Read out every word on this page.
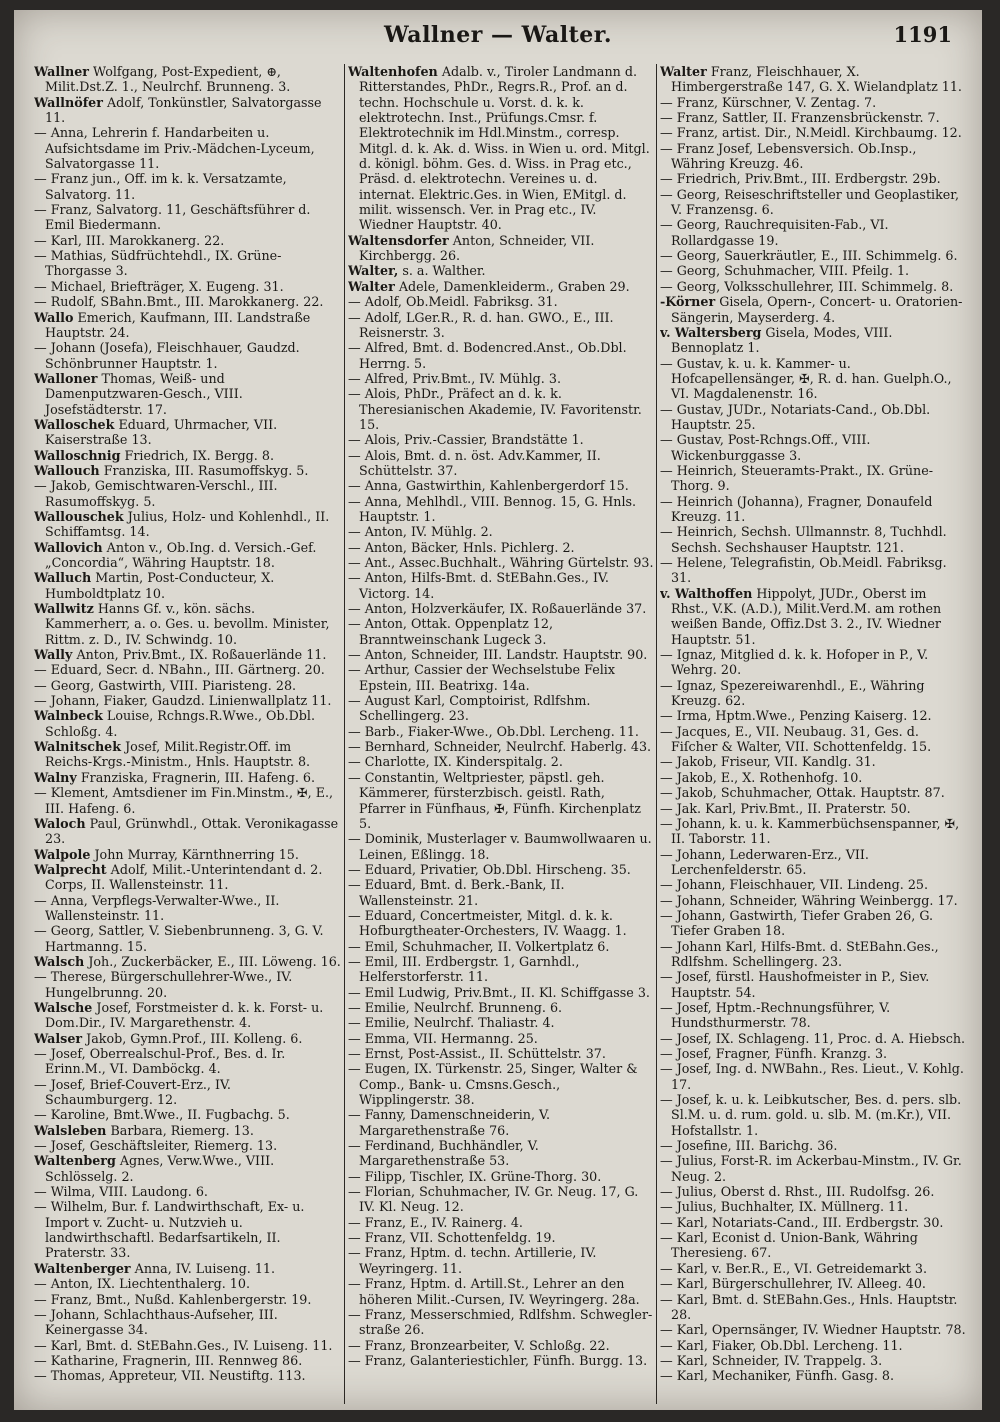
Wallner — Walter.	1191

Wallner Wolfgang, Post-Expedient, ⊕, Milit.Dst.Z. 1., Neulrchf. Brunneng. 3.

Wallnöfer Adolf, Tonkünstler, Salvatorgasse 11.

— Anna, Lehrerin f. Handarbeiten u. Aufsichtsdame im Priv.-Mädchen-Lyceum, Salvatorgasse 11.

— Franz jun., Off. im k. k. Versatzamte, Salvatorg. 11.

— Franz, Salvatorg. 11, Geschäftsführer d. Emil Biedermann.

— Karl, III. Marokkanerg. 22.

— Mathias, Südfrüchtehdl., IX. Grüne-Thorgasse 3.

— Michael, Briefträger, X. Eugeng. 31.

— Rudolf, SBahn.Bmt., III. Marokkanerg. 22.

Wallo Emerich, Kaufmann, III. Landstraße Hauptstr. 24.

— Johann (Josefa), Fleischhauer, Gaudzd. Schönbrunner Hauptstr. 1.

Walloner Thomas, Weiß- und Damenputzwaren-Gesch., VIII. Josefstädterstr. 17.

Walloschek Eduard, Uhrmacher, VII. Kaiserstraße 13.

Walloschnig Friedrich, IX. Bergg. 8.

Wallouch Franziska, III. Rasumoffskyg. 5.

— Jakob, Gemischtwaren-Verschl., III. Rasumoffskyg. 5.

Wallouschek Julius, Holz- und Kohlenhdl., II. Schiffamtsg. 14.

Wallovich Anton v., Ob.Ing. d. Versich.-Gef. „Concordia“, Währing Hauptstr. 18.

Walluch Martin, Post-Conducteur, X. Humboldtplatz 10.

Wallwitz Hanns Gf. v., kön. sächs. Kammerherr, a. o. Ges. u. bevollm. Minister, Rittm. z. D., IV. Schwindg. 10.

Wally Anton, Priv.Bmt., IX. Roßauerlände 11.

— Eduard, Secr. d. NBahn., III. Gärtnerg. 20.

— Georg, Gastwirth, VIII. Piaristeng. 28.

— Johann, Fiaker, Gaudzd. Linienwallplatz 11.

Walnbeck Louise, Rchngs.R.Wwe., Ob.Dbl. Schloßg. 4.

Walnitschek Josef, Milit.Registr.Off. im Reichs-Krgs.-Ministm., Hnls. Hauptstr. 8.

Walny Franziska, Fragnerin, III. Hafeng. 6.

— Klement, Amtsdiener im Fin.Minstm., ✠, E., III. Hafeng. 6.

Waloch Paul, Grünwhdl., Ottak. Veronikagasse 23.

Walpole John Murray, Kärnthnerring 15.

Walprecht Adolf, Milit.-Unterintendant d. 2. Corps, II. Wallensteinstr. 11.

— Anna, Verpflegs-Verwalter-Wwe., II. Wallensteinstr. 11.

— Georg, Sattler, V. Siebenbrunneng. 3, G. V. Hartmanng. 15.

Walsch Joh., Zuckerbäcker, E., III. Löweng. 16.

— Therese, Bürgerschullehrer-Wwe., IV. Hungelbrunng. 20.

Walsche Josef, Forstmeister d. k. k. Forst- u. Dom.Dir., IV. Margarethenstr. 4.

Walser Jakob, Gymn.Prof., III. Kolleng. 6.

— Josef, Oberrealschul-Prof., Bes. d. Ir. Erinn.M., VI. Damböckg. 4.

— Josef, Brief-Couvert-Erz., IV. Schaumburgerg. 12.

— Karoline, Bmt.Wwe., II. Fugbachg. 5.

Walsleben Barbara, Riemerg. 13.

— Josef, Geschäftsleiter, Riemerg. 13.

Waltenberg Agnes, Verw.Wwe., VIII. Schlösselg. 2.

— Wilma, VIII. Laudong. 6.

— Wilhelm, Bur. f. Landwirthschaft, Ex- u. Import v. Zucht- u. Nutzvieh u. landwirthschaftl. Bedarfsartikeln, II. Praterstr. 33.

Waltenberger Anna, IV. Luiseng. 11.

— Anton, IX. Liechtenthalerg. 10.

— Franz, Bmt., Nußd. Kahlenbergerstr. 19.

— Johann, Schlachthaus-Aufseher, III. Keinergasse 34.

— Karl, Bmt. d. StEBahn.Ges., IV. Luiseng. 11.

— Katharine, Fragnerin, III. Rennweg 86.

— Thomas, Appreteur, VII. Neustiftg. 113.

Waltenhofen Adalb. v., Tiroler Landmann d. Ritterstandes, PhDr., Regrs.R., Prof. an d. techn. Hochschule u. Vorst. d. k. k. elektrotechn. Inst., Prüfungs.Cmsr. f. Elektrotechnik im Hdl.Minstm., corresp. Mitgl. d. k. Ak. d. Wiss. in Wien u. ord. Mitgl. d. königl. böhm. Ges. d. Wiss. in Prag etc., Präsd. d. elektrotechn. Vereines u. d. internat. Elektric.Ges. in Wien, EMitgl. d. milit. wissensch. Ver. in Prag etc., IV. Wiedner Hauptstr. 40.

Waltensdorfer Anton, Schneider, VII. Kirchbergg. 26.

Walter, s. a. Walther.

Walter Adele, Damenkleiderm., Graben 29.

— Adolf, Ob.Meidl. Fabriksg. 31.

— Adolf, LGer.R., R. d. han. GWO., E., III. Reisnerstr. 3.

— Alfred, Bmt. d. Bodencred.Anst., Ob.Dbl. Herrng. 5.

— Alfred, Priv.Bmt., IV. Mühlg. 3.

— Alois, PhDr., Präfect an d. k. k. Theresianischen Akademie, IV. Favoritenstr. 15.

— Alois, Priv.-Cassier, Brandstätte 1.

— Alois, Bmt. d. n. öst. Adv.Kammer, II. Schüttelstr. 37.

— Anna, Gastwirthin, Kahlenbergerdorf 15.

— Anna, Mehlhdl., VIII. Bennog. 15, G. Hnls. Hauptstr. 1.

— Anton, IV. Mühlg. 2.

— Anton, Bäcker, Hnls. Pichlerg. 2.

— Ant., Assec.Buchhalt., Währing Gürtelstr. 93.

— Anton, Hilfs-Bmt. d. StEBahn.Ges., IV. Victorg. 14.

— Anton, Holzverkäufer, IX. Roßauerlände 37.

— Anton, Ottak. Oppenplatz 12, Branntweinschank Lugeck 3.

— Anton, Schneider, III. Landstr. Hauptstr. 90.

— Arthur, Cassier der Wechselstube Felix Epstein, III. Beatrixg. 14a.

— August Karl, Comptoirist, Rdlfshm. Schellingerg. 23.

— Barb., Fiaker-Wwe., Ob.Dbl. Lercheng. 11.

— Bernhard, Schneider, Neulrchf. Haberlg. 43.

— Charlotte, IX. Kinderspitalg. 2.

— Constantin, Weltpriester, päpstl. geh. Kämmerer, fürsterzbisch. geistl. Rath, Pfarrer in Fünfhaus, ✠, Fünfh. Kirchenplatz 5.

— Dominik, Musterlager v. Baumwollwaaren u. Leinen, Eßlingg. 18.

— Eduard, Privatier, Ob.Dbl. Hirscheng. 35.

— Eduard, Bmt. d. Berk.-Bank, II. Wallensteinstr. 21.

— Eduard, Concertmeister, Mitgl. d. k. k. Hofburgtheater-Orchesters, IV. Waagg. 1.

— Emil, Schuhmacher, II. Volkertplatz 6.

— Emil, III. Erdbergstr. 1, Garnhdl., Helferstorferstr. 11.

— Emil Ludwig, Priv.Bmt., II. Kl. Schiffgasse 3.

— Emilie, Neulrchf. Brunneng. 6.

— Emilie, Neulrchf. Thaliastr. 4.

— Emma, VII. Hermanng. 25.

— Ernst, Post-Assist., II. Schüttelstr. 37.

— Eugen, IX. Türkenstr. 25, Singer, Walter & Comp., Bank- u. Cmsns.Gesch., Wipplingerstr. 38.

— Fanny, Damenschneiderin, V. Margarethenstraße 76.

— Ferdinand, Buchhändler, V. Margarethenstraße 53.

— Filipp, Tischler, IX. Grüne-Thorg. 30.

— Florian, Schuhmacher, IV. Gr. Neug. 17, G. IV. Kl. Neug. 12.

— Franz, E., IV. Rainerg. 4.

— Franz, VII. Schottenfeldg. 19.

— Franz, Hptm. d. techn. Artillerie, IV. Weyringerg. 11.

— Franz, Hptm. d. Artill.St., Lehrer an den höheren Milit.-Cursen, IV. Weyringerg. 28a.

— Franz, Messerschmied, Rdlfshm. Schwegler-straße 26.

— Franz, Bronzearbeiter, V. Schloßg. 22.

— Franz, Galanteriestichler, Fünfh. Burgg. 13.

Walter Franz, Fleischhauer, X. Himbergerstraße 147, G. X. Wielandplatz 11.

— Franz, Kürschner, V. Zentag. 7.

— Franz, Sattler, II. Franzensbrückenstr. 7.

— Franz, artist. Dir., N.Meidl. Kirchbaumg. 12.

— Franz Josef, Lebensversich. Ob.Insp., Währing Kreuzg. 46.

— Friedrich, Priv.Bmt., III. Erdbergstr. 29b.

— Georg, Reiseschriftsteller und Geoplastiker, V. Franzensg. 6.

— Georg, Rauchrequisiten-Fab., VI. Rollardgasse 19.

— Georg, Sauerkräutler, E., III. Schimmelg. 6.

— Georg, Schuhmacher, VIII. Pfeilg. 1.

— Georg, Volksschullehrer, III. Schimmelg. 8.

-Körner Gisela, Opern-, Concert- u. Oratorien-Sängerin, Mayserderg. 4.

v. Waltersberg Gisela, Modes, VIII. Bennoplatz 1.

— Gustav, k. u. k. Kammer- u. Hofcapellensänger, ✠, R. d. han. Guelph.O., VI. Magdalenenstr. 16.

— Gustav, JUDr., Notariats-Cand., Ob.Dbl. Hauptstr. 25.

— Gustav, Post-Rchngs.Off., VIII. Wickenburggasse 3.

— Heinrich, Steueramts-Prakt., IX. Grüne-Thorg. 9.

— Heinrich (Johanna), Fragner, Donaufeld Kreuzg. 11.

— Heinrich, Sechsh. Ullmannstr. 8, Tuchhdl. Sechsh. Sechshauser Hauptstr. 121.

— Helene, Telegrafistin, Ob.Meidl. Fabriksg. 31.

v. Walthoffen Hippolyt, JUDr., Oberst im Rhst., V.K. (A.D.), Milit.Verd.M. am rothen weißen Bande, Offiz.Dst 3. 2., IV. Wiedner Hauptstr. 51.

— Ignaz, Mitglied d. k. k. Hofoper in P., V. Wehrg. 20.

— Ignaz, Spezereiwarenhdl., E., Währing Kreuzg. 62.

— Irma, Hptm.Wwe., Penzing Kaiserg. 12.

— Jacques, E., VII. Neubaug. 31, Ges. d. Fiſcher & Walter, VII. Schottenfeldg. 15.

— Jakob, Friseur, VII. Kandlg. 31.

— Jakob, E., X. Rothenhofg. 10.

— Jakob, Schuhmacher, Ottak. Hauptstr. 87.

— Jak. Karl, Priv.Bmt., II. Praterstr. 50.

— Johann, k. u. k. Kammerbüchsenspanner, ✠, II. Taborstr. 11.

— Johann, Lederwaren-Erz., VII. Lerchenfelderstr. 65.

— Johann, Fleischhauer, VII. Lindeng. 25.

— Johann, Schneider, Währing Weinbergg. 17.

— Johann, Gastwirth, Tiefer Graben 26, G. Tiefer Graben 18.

— Johann Karl, Hilfs-Bmt. d. StEBahn.Ges., Rdlfshm. Schellingerg. 23.

— Josef, fürstl. Haushofmeister in P., Siev. Hauptstr. 54.

— Josef, Hptm.-Rechnungsführer, V. Hundsthurmerstr. 78.

— Josef, IX. Schlageng. 11, Proc. d. A. Hiebsch.

— Josef, Fragner, Fünfh. Kranzg. 3.

— Josef, Ing. d. NWBahn., Res. Lieut., V. Kohlg. 17.

— Josef, k. u. k. Leibkutscher, Bes. d. pers. slb. Sl.M. u. d. rum. gold. u. slb. M. (m.Kr.), VII. Hofstallstr. 1.

— Josefine, III. Barichg. 36.

— Julius, Forst-R. im Ackerbau-Minstm., IV. Gr. Neug. 2.

— Julius, Oberst d. Rhst., III. Rudolfsg. 26.

— Julius, Buchhalter, IX. Müllnerg. 11.

— Karl, Notariats-Cand., III. Erdbergstr. 30.

— Karl, Econist d. Union-Bank, Währing Theresieng. 67.

— Karl, v. Ber.R., E., VI. Getreidemarkt 3.

— Karl, Bürgerschullehrer, IV. Alleeg. 40.

— Karl, Bmt. d. StEBahn.Ges., Hnls. Hauptstr. 28.

— Karl, Opernsänger, IV. Wiedner Hauptstr. 78.

— Karl, Fiaker, Ob.Dbl. Lercheng. 11.

— Karl, Schneider, IV. Trappelg. 3.

— Karl, Mechaniker, Fünfh. Gasg. 8.
